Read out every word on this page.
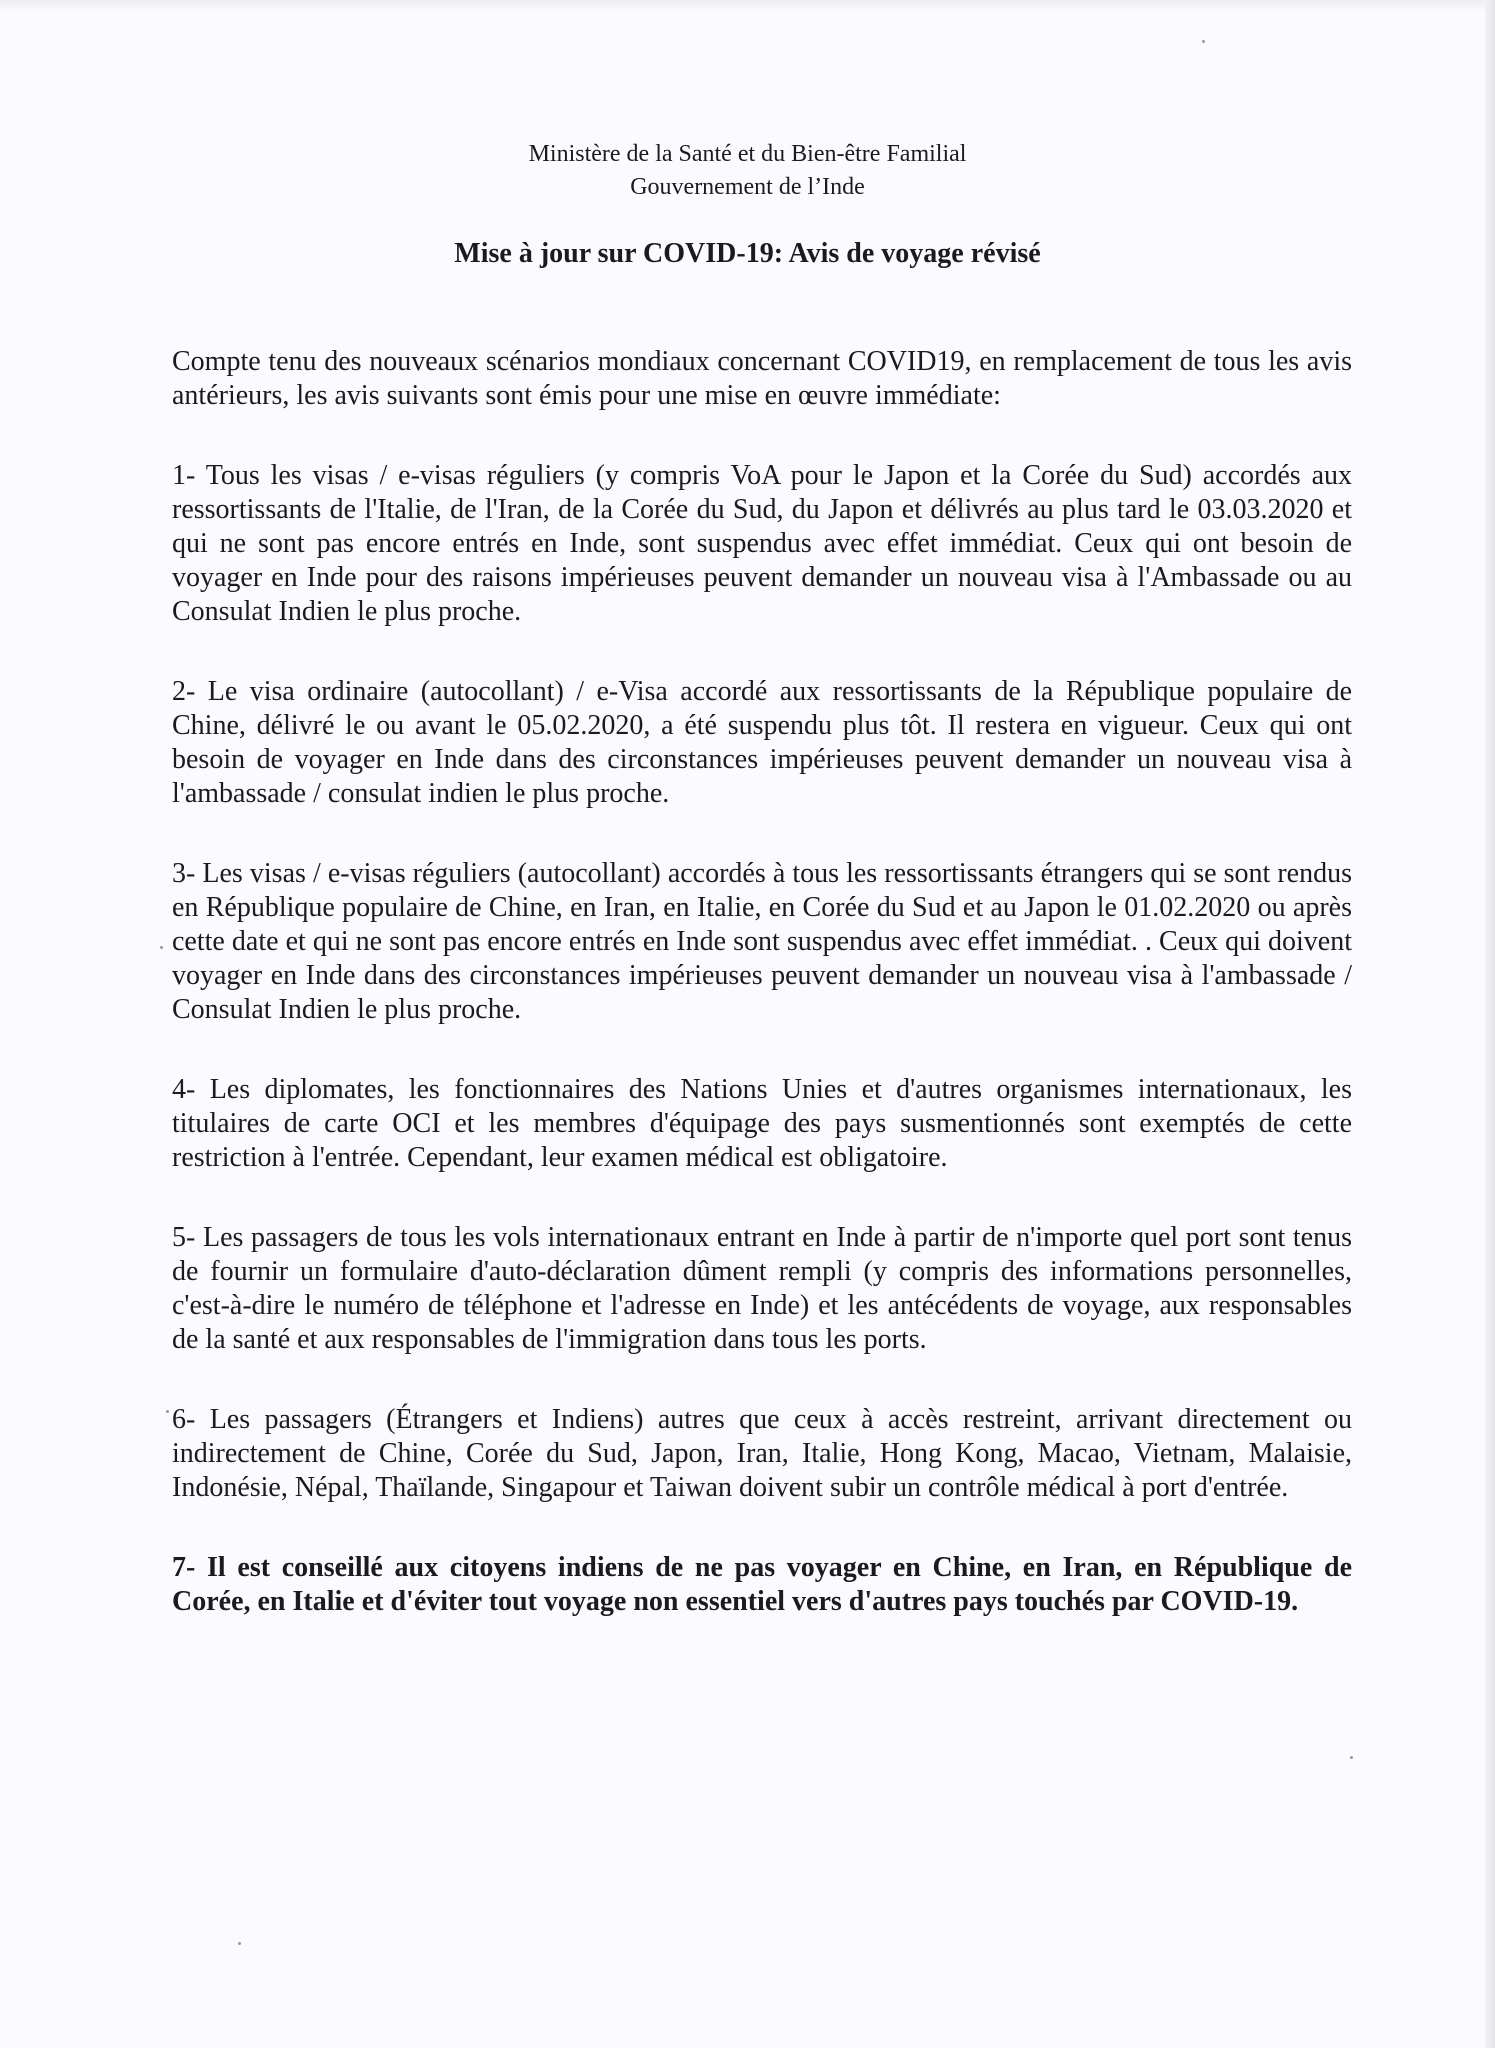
Ministère de la Santé et du Bien-être Familial
Gouvernement de l’Inde
Mise à jour sur COVID-19: Avis de voyage révisé

Compte tenu des nouveaux scénarios mondiaux concernant COVID19, en remplacement de tous les avis antérieurs, les avis suivants sont émis pour une mise en œuvre immédiate:

1- Tous les visas / e-visas réguliers (y compris VoA pour le Japon et la Corée du Sud) accordés aux ressortissants de l'Italie, de l'Iran, de la Corée du Sud, du Japon et délivrés au plus tard le 03.03.2020 et qui ne sont pas encore entrés en Inde, sont suspendus avec effet immédiat. Ceux qui ont besoin de voyager en Inde pour des raisons impérieuses peuvent demander un nouveau visa à l'Ambassade ou au Consulat Indien le plus proche.

2- Le visa ordinaire (autocollant) / e-Visa accordé aux ressortissants de la République populaire de Chine, délivré le ou avant le 05.02.2020, a été suspendu plus tôt. Il restera en vigueur. Ceux qui ont besoin de voyager en Inde dans des circonstances impérieuses peuvent demander un nouveau visa à l'ambassade / consulat indien le plus proche.

3- Les visas / e-visas réguliers (autocollant) accordés à tous les ressortissants étrangers qui se sont rendus en République populaire de Chine, en Iran, en Italie, en Corée du Sud et au Japon le 01.02.2020 ou après cette date et qui ne sont pas encore entrés en Inde sont suspendus avec effet immédiat. . Ceux qui doivent voyager en Inde dans des circonstances impérieuses peuvent demander un nouveau visa à l'ambassade / Consulat Indien le plus proche.

4- Les diplomates, les fonctionnaires des Nations Unies et d'autres organismes internationaux, les titulaires de carte OCI et les membres d'équipage des pays susmentionnés sont exemptés de cette restriction à l'entrée. Cependant, leur examen médical est obligatoire.

5- Les passagers de tous les vols internationaux entrant en Inde à partir de n'importe quel port sont tenus de fournir un formulaire d'auto-déclaration dûment rempli (y compris des informations personnelles, c'est-à-dire le numéro de téléphone et l'adresse en Inde) et les antécédents de voyage, aux responsables de la santé et aux responsables de l'immigration dans tous les ports.

6- Les passagers (Étrangers et Indiens) autres que ceux à accès restreint, arrivant directement ou indirectement de Chine, Corée du Sud, Japon, Iran, Italie, Hong Kong, Macao, Vietnam, Malaisie, Indonésie, Népal, Thaïlande, Singapour et Taiwan doivent subir un contrôle médical à port d'entrée.

7- Il est conseillé aux citoyens indiens de ne pas voyager en Chine, en Iran, en République de Corée, en Italie et d'éviter tout voyage non essentiel vers d'autres pays touchés par COVID-19.
